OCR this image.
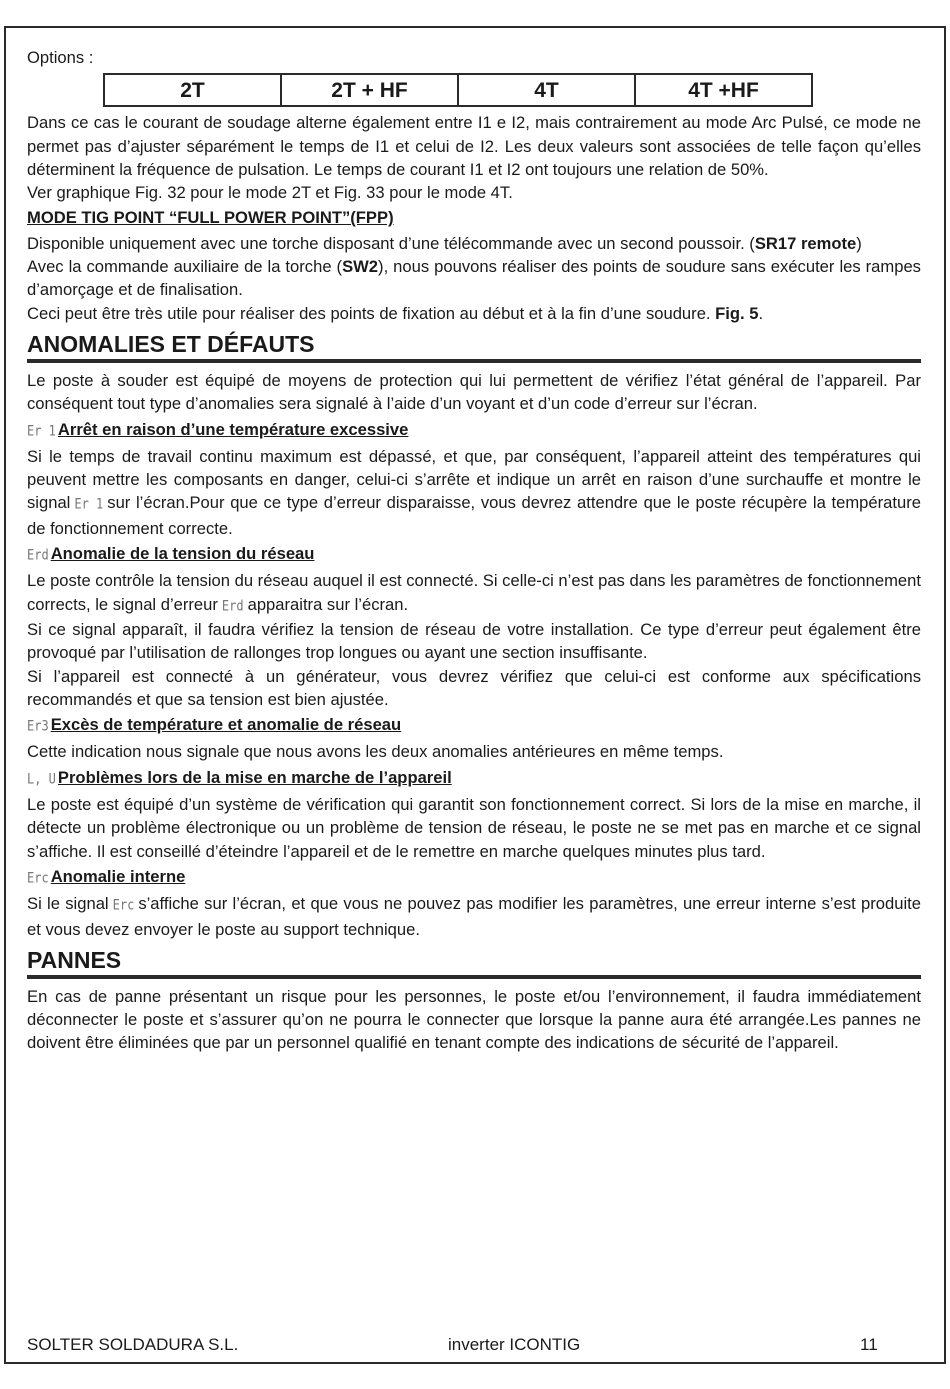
Options :
2T	2T + HF	4T	4T +HF

Dans ce cas le courant de soudage alterne également entre I1 e I2, mais contrairement au mode Arc Pulsé, ce mode ne permet pas d’ajuster séparément le temps de I1 et celui de I2. Les deux valeurs sont associées de telle façon qu’elles déterminent la fréquence de pulsation. Le temps de courant I1 et I2 ont toujours une relation de 50%.

Ver graphique Fig. 32 pour le mode 2T et Fig. 33 pour le mode 4T.

MODE TIG POINT “FULL POWER POINT”(FPP)

Disponible uniquement avec une torche disposant d’une télécommande avec un second poussoir. (SR17 remote)

Avec la commande auxiliaire de la torche (SW2), nous pouvons réaliser des points de soudure sans exécuter les rampes d’amorçage et de finalisation.

Ceci peut être très utile pour réaliser des points de fixation au début et à la fin d’une soudure. Fig. 5.

ANOMALIES ET DÉFAUTS

Le poste à souder est équipé de moyens de protection qui lui permettent de vérifiez l’état général de l’appareil. Par conséquent tout type d’anomalies sera signalé à l’aide d’un voyant et d’un code d’erreur sur l’écran.

Er 1 Arrêt en raison d’une température excessive

Si le temps de travail continu maximum est dépassé, et que, par conséquent, l’appareil atteint des températures qui peuvent mettre les composants en danger, celui-ci s’arrête et indique un arrêt en raison d’une surchauffe et montre le signal Er 1 sur l’écran.Pour que ce type d’erreur disparaisse, vous devrez attendre que le poste récupère la température de fonctionnement correcte.

Erd Anomalie de la tension du réseau

Le poste contrôle la tension du réseau auquel il est connecté. Si celle-ci n’est pas dans les paramètres de fonctionnement corrects, le signal d’erreur Erd apparaitra sur l’écran.

Si ce signal apparaît, il faudra vérifiez la tension de réseau de votre installation. Ce type d’erreur peut également être provoqué par l’utilisation de rallonges trop longues ou ayant une section insuffisante.

Si l’appareil est connecté à un générateur, vous devrez vérifiez que celui-ci est conforme aux spécifications recommandés et que sa tension est bien ajustée.

Er3 Excès de température et anomalie de réseau

Cette indication nous signale que nous avons les deux anomalies antérieures en même temps.

L, U Problèmes lors de la mise en marche de l’appareil

Le poste est équipé d’un système de vérification qui garantit son fonctionnement correct. Si lors de la mise en marche, il détecte un problème électronique ou un problème de tension de réseau, le poste ne se met pas en marche et ce signal s’affiche. Il est conseillé d’éteindre l’appareil et de le remettre en marche quelques minutes plus tard.

Erc Anomalie interne

Si le signal Erc s’affiche sur l’écran, et que vous ne pouvez pas modifier les paramètres, une erreur interne s’est produite et vous devez envoyer le poste au support technique.

PANNES

En cas de panne présentant un risque pour les personnes, le poste et/ou l’environnement, il faudra immédiatement déconnecter le poste et s’assurer qu’on ne pourra le connecter que lorsque la panne aura été arrangée.Les pannes ne doivent être éliminées que par un personnel qualifié en tenant compte des indications de sécurité de l’appareil.

SOLTER SOLDADURA S.L.	inverter ICONTIG	11
